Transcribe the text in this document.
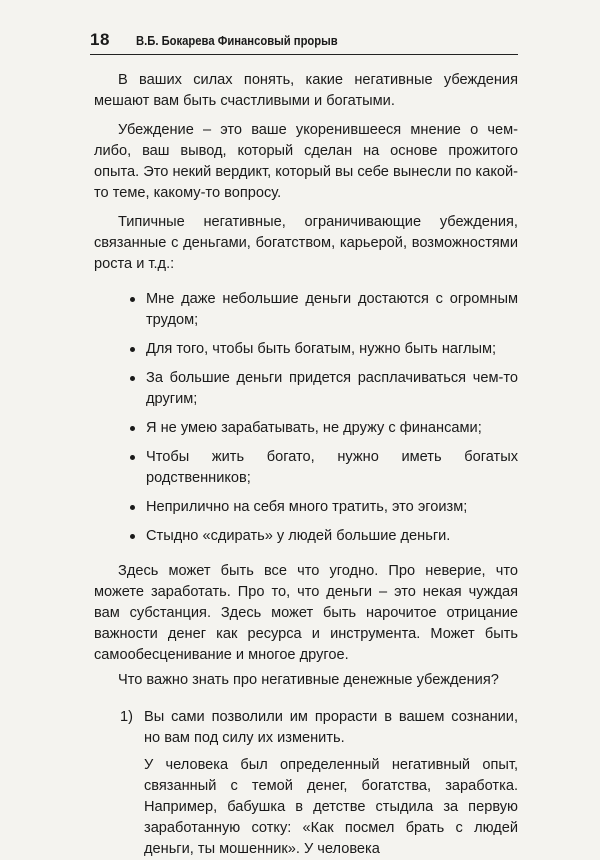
18 В.Б. Бокарева Финансовый прорыв

В ваших силах понять, какие негативные убеждения мешают вам быть счастливыми и богатыми.

Убеждение – это ваше укоренившееся мнение о чем-либо, ваш вывод, который сделан на основе прожитого опыта. Это некий вердикт, который вы себе вынесли по какой-то теме, какому-то вопросу.

Типичные негативные, ограничивающие убеждения, связанные с деньгами, богатством, карьерой, возможностями роста и т.д.:

Мне даже небольшие деньги достаются с огромным трудом;
Для того, чтобы быть богатым, нужно быть наглым;
За большие деньги придется расплачиваться чем-то другим;
Я не умею зарабатывать, не дружу с финансами;
Чтобы жить богато, нужно иметь богатых родственников;
Неприлично на себя много тратить, это эгоизм;
Стыдно «сдирать» у людей большие деньги.

Здесь может быть все что угодно. Про неверие, что можете заработать. Про то, что деньги – это некая чуждая вам субстанция. Здесь может быть нарочитое отрицание важности денег как ресурса и инструмента. Может быть самообесценивание и многое другое.

Что важно знать про негативные денежные убеждения?

1) Вы сами позволили им прорасти в вашем сознании, но вам под силу их изменить.
У человека был определенный негативный опыт, связанный с темой денег, богатства, заработка. Например, бабушка в детстве стыдила за первую заработанную сотку: «Как посмел брать с людей деньги, ты мошенник». У человека
